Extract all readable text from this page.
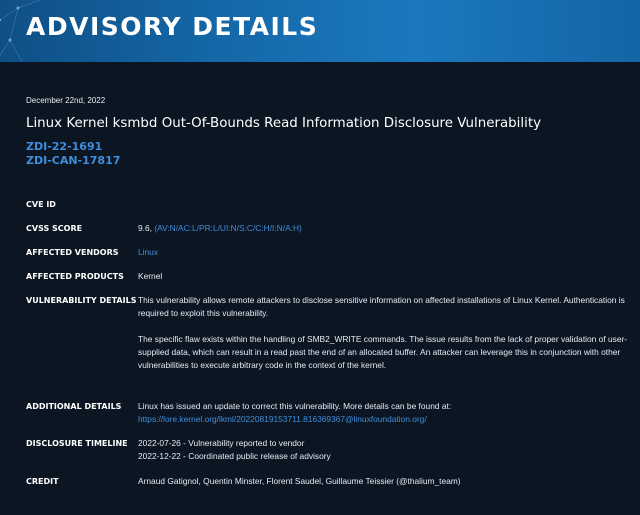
ADVISORY DETAILS
December 22nd, 2022
Linux Kernel ksmbd Out-Of-Bounds Read Information Disclosure Vulnerability
ZDI-22-1691
ZDI-CAN-17817
CVE ID
CVSS SCORE	9.6, (AV:N/AC:L/PR:L/UI:N/S:C/C:H/I:N/A:H)
AFFECTED VENDORS Linux
AFFECTED PRODUCTS Kernel
VULNERABILITY DETAILS This vulnerability allows remote attackers to disclose sensitive information on affected installations of Linux Kernel. Authentication is required to exploit this vulnerability.

The specific flaw exists within the handling of SMB2_WRITE commands. The issue results from the lack of proper validation of user-supplied data, which can result in a read past the end of an allocated buffer. An attacker can leverage this in conjunction with other vulnerabilities to execute arbitrary code in the context of the kernel.

ADDITIONAL DETAILS Linux has issued an update to correct this vulnerability. More details can be found at:
https://lore.kernel.org/lkml/20220819153711.816369367@linuxfoundation.org/
DISCLOSURE TIMELINE 2022-07-26 - Vulnerability reported to vendor
2022-12-22 - Coordinated public release of advisory
CREDIT	Arnaud Gatignol, Quentin Minster, Florent Saudel, Guillaume Teissier (@thalium_team)
